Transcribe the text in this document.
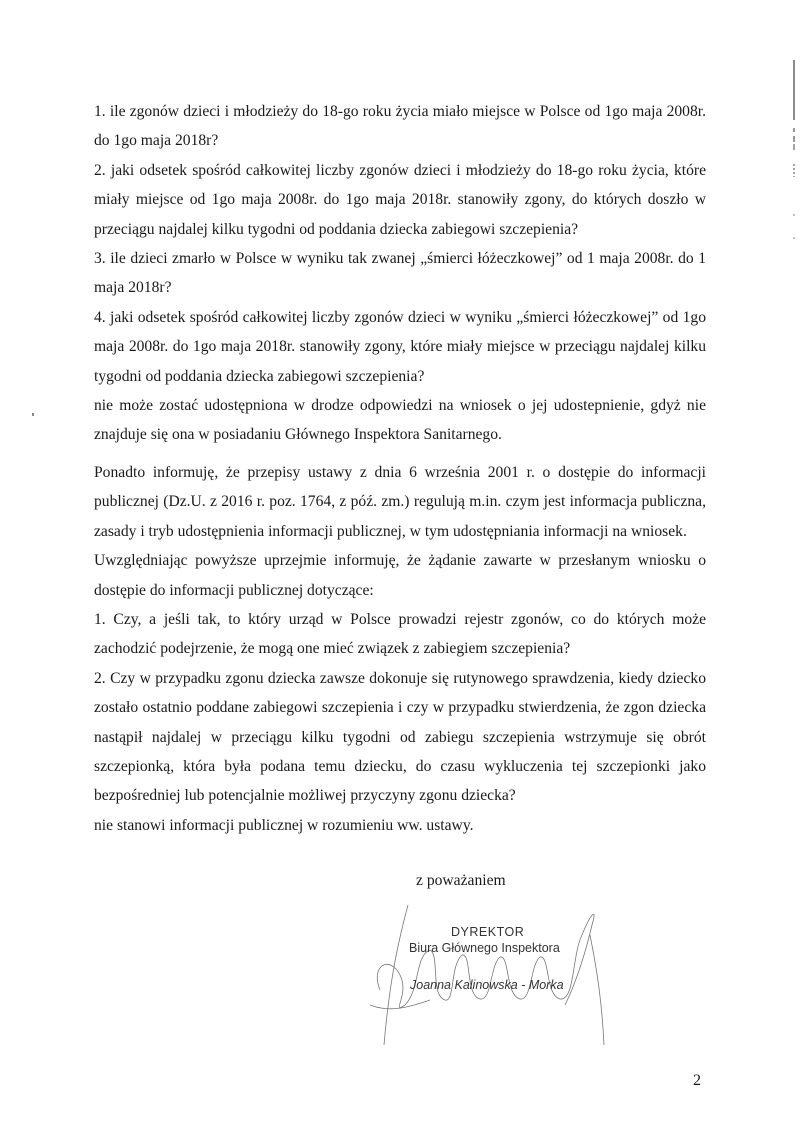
1. ile zgonów dzieci i młodzieży do 18-go roku życia miało miejsce w Polsce od 1go maja 2008r. do 1go maja 2018r?

2. jaki odsetek spośród całkowitej liczby zgonów dzieci i młodzieży do 18-go roku życia, które miały miejsce od 1go maja 2008r. do 1go maja 2018r. stanowiły zgony, do których doszło w przeciągu najdalej kilku tygodni od poddania dziecka zabiegowi szczepienia?

3. ile dzieci zmarło w Polsce w wyniku tak zwanej „śmierci łóżeczkowej” od 1 maja 2008r. do 1 maja 2018r?

4. jaki odsetek spośród całkowitej liczby zgonów dzieci w wyniku „śmierci łóżeczkowej” od 1go maja 2008r. do 1go maja 2018r. stanowiły zgony, które miały miejsce w przeciągu najdalej kilku tygodni od poddania dziecka zabiegowi szczepienia?

nie może zostać udostępniona w drodze odpowiedzi na wniosek o jej udostepnienie, gdyż nie znajduje się ona w posiadaniu Głównego Inspektora Sanitarnego.

Ponadto informuję, że przepisy ustawy z dnia 6 września 2001 r. o dostępie do informacji publicznej (Dz.U. z 2016 r. poz. 1764, z póź. zm.) regulują m.in. czym jest informacja publiczna, zasady i tryb udostępnienia informacji publicznej, w tym udostępniania informacji na wniosek.

Uwzględniając powyższe uprzejmie informuję, że żądanie zawarte w przesłanym wniosku o dostępie do informacji publicznej dotyczące:

1. Czy, a jeśli tak, to który urząd w Polsce prowadzi rejestr zgonów, co do których może zachodzić podejrzenie, że mogą one mieć związek z zabiegiem szczepienia?

2. Czy w przypadku zgonu dziecka zawsze dokonuje się rutynowego sprawdzenia, kiedy dziecko zostało ostatnio poddane zabiegowi szczepienia i czy w przypadku stwierdzenia, że zgon dziecka nastąpił najdalej w przeciągu kilku tygodni od zabiegu szczepienia wstrzymuje się obrót szczepionką, która była podana temu dziecku, do czasu wykluczenia tej szczepionki jako bezpośredniej lub potencjalnie możliwej przyczyny zgonu dziecka?

nie stanowi informacji publicznej w rozumieniu ww. ustawy.

z poważaniem
DYREKTOR
Biura Głównego Inspektora
Joanna Kalinowska - Morka
2
